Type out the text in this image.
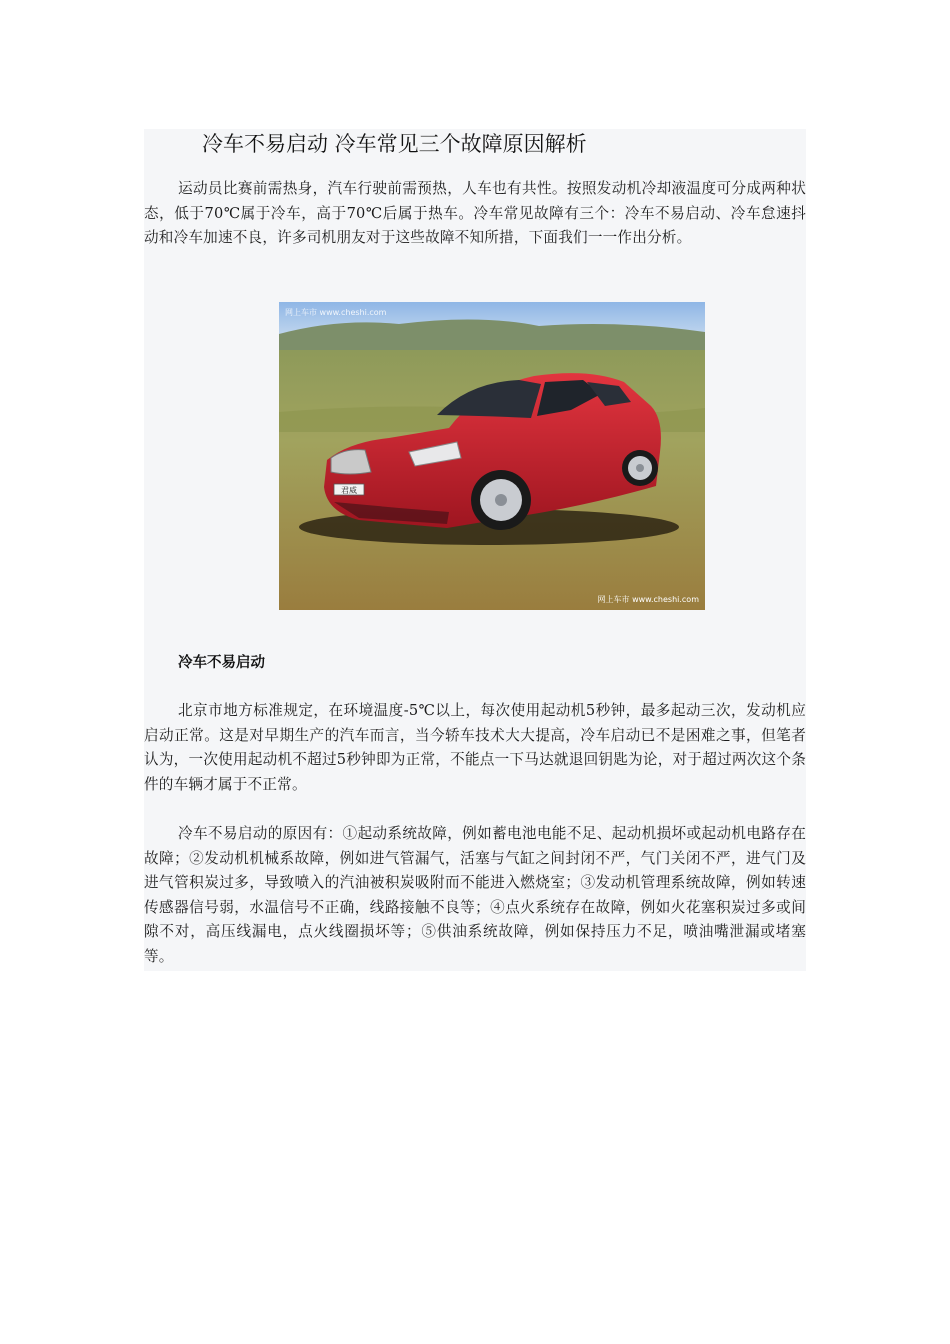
冷车不易启动 冷车常见三个故障原因解析

运动员比赛前需热身，汽车行驶前需预热，人车也有共性。按照发动机冷却液温度可分成两种状态，低于70℃属于冷车，高于70℃后属于热车。冷车常见故障有三个：冷车不易启动、冷车怠速抖动和冷车加速不良，许多司机朋友对于这些故障不知所措，下面我们一一作出分析。

君威
网上车市 www.cheshi.com
网上车市 www.cheshi.com
冷车不易启动

北京市地方标准规定，在环境温度-5℃以上，每次使用起动机5秒钟，最多起动三次，发动机应启动正常。这是对早期生产的汽车而言，当今轿车技术大大提高，冷车启动已不是困难之事，但笔者认为，一次使用起动机不超过5秒钟即为正常，不能点一下马达就退回钥匙为论，对于超过两次这个条件的车辆才属于不正常。

冷车不易启动的原因有：①起动系统故障，例如蓄电池电能不足、起动机损坏或起动机电路存在故障；②发动机机械系故障，例如进气管漏气，活塞与气缸之间封闭不严，气门关闭不严，进气门及进气管积炭过多，导致喷入的汽油被积炭吸附而不能进入燃烧室；③发动机管理系统故障，例如转速传感器信号弱，水温信号不正确，线路接触不良等；④点火系统存在故障，例如火花塞积炭过多或间隙不对，高压线漏电，点火线圈损坏等；⑤供油系统故障，例如保持压力不足，喷油嘴泄漏或堵塞等。
